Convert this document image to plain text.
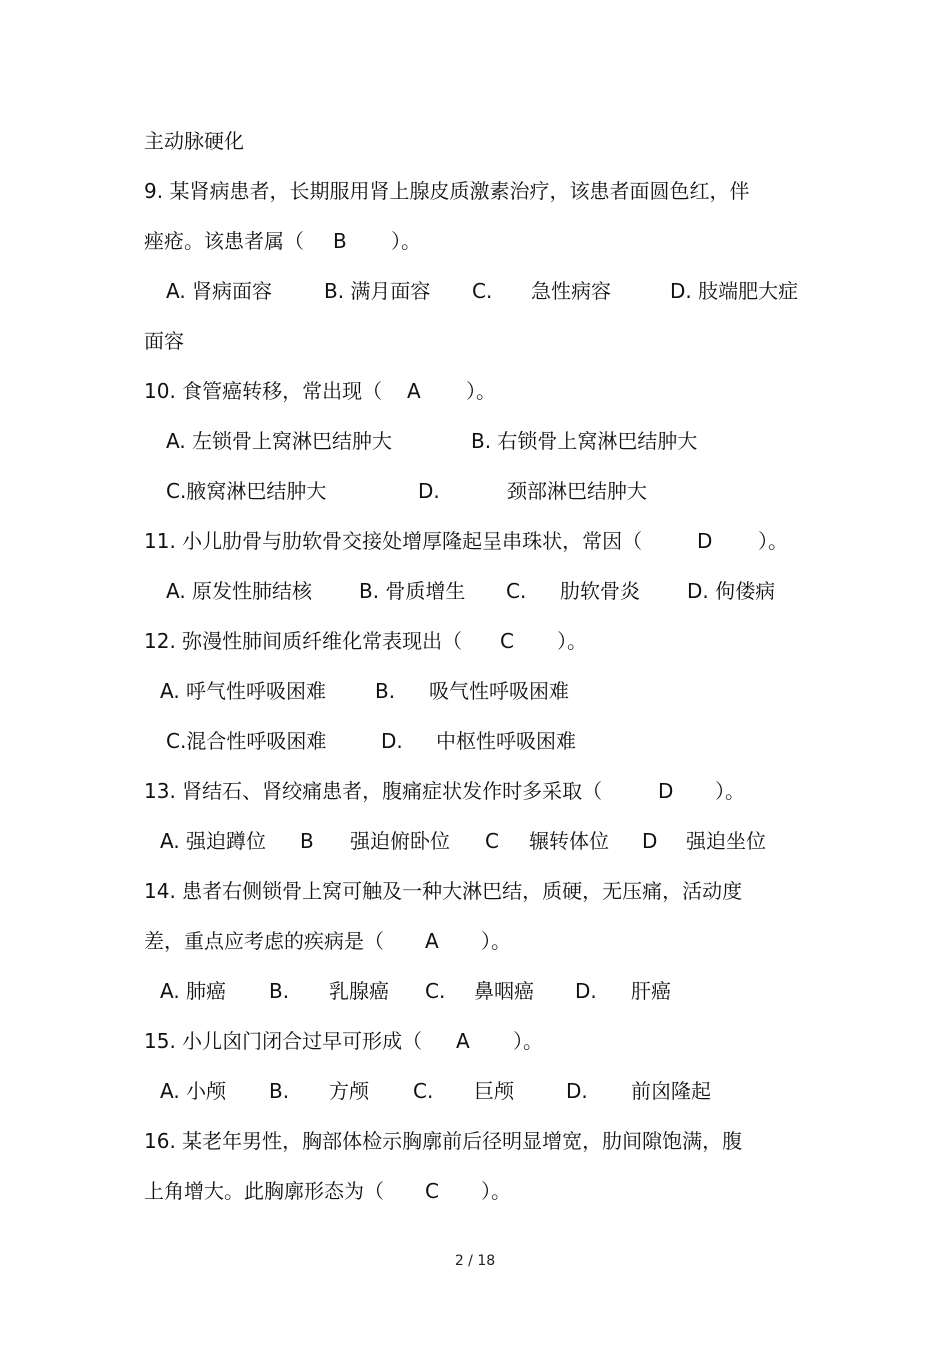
主动脉硬化
9. 某肾病患者，长期服用肾上腺皮质激素治疗，该患者面圆色红，伴
痤疮。该患者属（ B ）。
A. 肾病面容	B. 满月面容 C. 急性病容	D. 肢端肥大症
面容
10. 食管癌转移，常出现（ A ）。
A. 左锁骨上窝淋巴结肿大	B. 右锁骨上窝淋巴结肿大
C.腋窝淋巴结肿大	D.	颈部淋巴结肿大
11. 小儿肋骨与肋软骨交接处增厚隆起呈串珠状，常因（	D ）。
A. 原发性肺结核 B. 骨质增生 C. 肋软骨炎 D. 佝偻病
12. 弥漫性肺间质纤维化常表现出（ C ）。
A. 呼气性呼吸困难 B. 吸气性呼吸困难
C.混合性呼吸困难	D. 中枢性呼吸困难
13. 肾结石、肾绞痛患者，腹痛症状发作时多采取（	D ）。
A. 强迫蹲位 B 强迫俯卧位 C 辗转体位 D 强迫坐位
14. 患者右侧锁骨上窝可触及一种大淋巴结，质硬，无压痛，活动度
差，重点应考虑的疾病是（ A ）。
A. 肺癌 B. 乳腺癌 C. 鼻咽癌 D. 肝癌
15. 小儿囟门闭合过早可形成（ A ）。
A. 小颅 B. 方颅 C. 巨颅	D. 前囟隆起
16. 某老年男性，胸部体检示胸廓前后径明显增宽，肋间隙饱满，腹
上角增大。此胸廓形态为（ C ）。
2 / 18
